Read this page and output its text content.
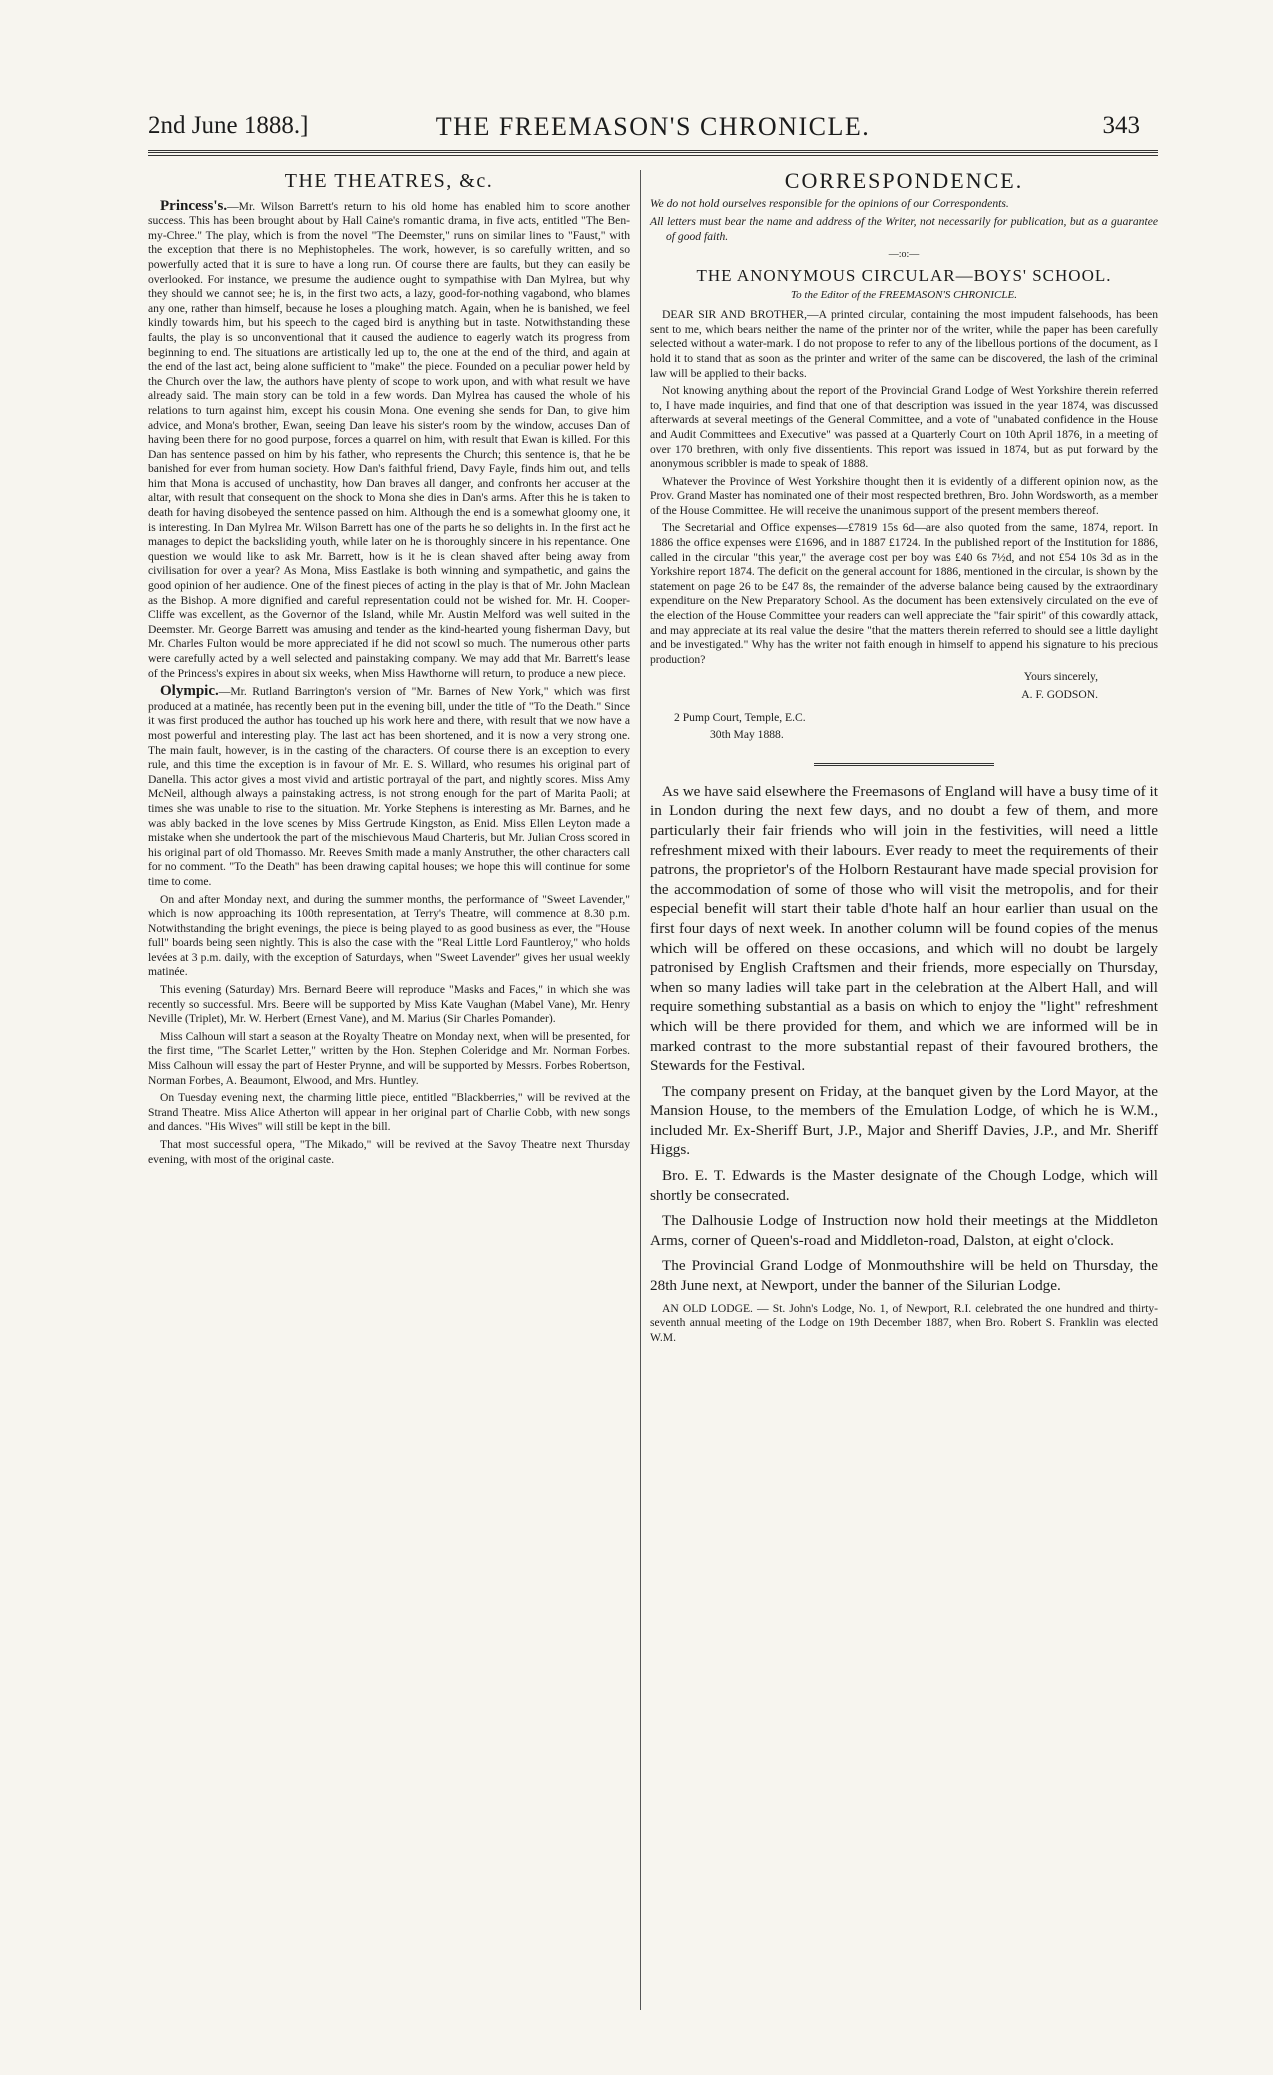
2nd June 1888.]	THE FREEMASON'S CHRONICLE.	343
THE THEATRES, &c.

Princess's.—Mr. Wilson Barrett's return to his old home has enabled him to score another success. This has been brought about by Hall Caine's romantic drama, in five acts, entitled "The Ben-my-Chree." The play, which is from the novel "The Deemster," runs on similar lines to "Faust," with the exception that there is no Mephistopheles. The work, however, is so carefully written, and so powerfully acted that it is sure to have a long run. Of course there are faults, but they can easily be overlooked. For instance, we presume the audience ought to sympathise with Dan Mylrea, but why they should we cannot see; he is, in the first two acts, a lazy, good-for-nothing vagabond, who blames any one, rather than himself, because he loses a ploughing match. Again, when he is banished, we feel kindly towards him, but his speech to the caged bird is anything but in taste. Notwithstanding these faults, the play is so unconventional that it caused the audience to eagerly watch its progress from beginning to end. The situations are artistically led up to, the one at the end of the third, and again at the end of the last act, being alone sufficient to "make" the piece. Founded on a peculiar power held by the Church over the law, the authors have plenty of scope to work upon, and with what result we have already said. The main story can be told in a few words. Dan Mylrea has caused the whole of his relations to turn against him, except his cousin Mona. One evening she sends for Dan, to give him advice, and Mona's brother, Ewan, seeing Dan leave his sister's room by the window, accuses Dan of having been there for no good purpose, forces a quarrel on him, with result that Ewan is killed. For this Dan has sentence passed on him by his father, who represents the Church; this sentence is, that he be banished for ever from human society. How Dan's faithful friend, Davy Fayle, finds him out, and tells him that Mona is accused of unchastity, how Dan braves all danger, and confronts her accuser at the altar, with result that consequent on the shock to Mona she dies in Dan's arms. After this he is taken to death for having disobeyed the sentence passed on him. Although the end is a somewhat gloomy one, it is interesting. In Dan Mylrea Mr. Wilson Barrett has one of the parts he so delights in. In the first act he manages to depict the backsliding youth, while later on he is thoroughly sincere in his repentance. One question we would like to ask Mr. Barrett, how is it he is clean shaved after being away from civilisation for over a year? As Mona, Miss Eastlake is both winning and sympathetic, and gains the good opinion of her audience. One of the finest pieces of acting in the play is that of Mr. John Maclean as the Bishop. A more dignified and careful representation could not be wished for. Mr. H. Cooper-Cliffe was excellent, as the Governor of the Island, while Mr. Austin Melford was well suited in the Deemster. Mr. George Barrett was amusing and tender as the kind-hearted young fisherman Davy, but Mr. Charles Fulton would be more appreciated if he did not scowl so much. The numerous other parts were carefully acted by a well selected and painstaking company. We may add that Mr. Barrett's lease of the Princess's expires in about six weeks, when Miss Hawthorne will return, to produce a new piece.

Olympic.—Mr. Rutland Barrington's version of "Mr. Barnes of New York," which was first produced at a matinée, has recently been put in the evening bill, under the title of "To the Death." Since it was first produced the author has touched up his work here and there, with result that we now have a most powerful and interesting play. The last act has been shortened, and it is now a very strong one. The main fault, however, is in the casting of the characters. Of course there is an exception to every rule, and this time the exception is in favour of Mr. E. S. Willard, who resumes his original part of Danella. This actor gives a most vivid and artistic portrayal of the part, and nightly scores. Miss Amy McNeil, although always a painstaking actress, is not strong enough for the part of Marita Paoli; at times she was unable to rise to the situation. Mr. Yorke Stephens is interesting as Mr. Barnes, and he was ably backed in the love scenes by Miss Gertrude Kingston, as Enid. Miss Ellen Leyton made a mistake when she undertook the part of the mischievous Maud Charteris, but Mr. Julian Cross scored in his original part of old Thomasso. Mr. Reeves Smith made a manly Anstruther, the other characters call for no comment. "To the Death" has been drawing capital houses; we hope this will continue for some time to come.

On and after Monday next, and during the summer months, the performance of "Sweet Lavender," which is now approaching its 100th representation, at Terry's Theatre, will commence at 8.30 p.m. Notwithstanding the bright evenings, the piece is being played to as good business as ever, the "House full" boards being seen nightly. This is also the case with the "Real Little Lord Fauntleroy," who holds levées at 3 p.m. daily, with the exception of Saturdays, when "Sweet Lavender" gives her usual weekly matinée.

This evening (Saturday) Mrs. Bernard Beere will reproduce "Masks and Faces," in which she was recently so successful. Mrs. Beere will be supported by Miss Kate Vaughan (Mabel Vane), Mr. Henry Neville (Triplet), Mr. W. Herbert (Ernest Vane), and M. Marius (Sir Charles Pomander).

Miss Calhoun will start a season at the Royalty Theatre on Monday next, when will be presented, for the first time, "The Scarlet Letter," written by the Hon. Stephen Coleridge and Mr. Norman Forbes. Miss Calhoun will essay the part of Hester Prynne, and will be supported by Messrs. Forbes Robertson, Norman Forbes, A. Beaumont, Elwood, and Mrs. Huntley.

On Tuesday evening next, the charming little piece, entitled "Blackberries," will be revived at the Strand Theatre. Miss Alice Atherton will appear in her original part of Charlie Cobb, with new songs and dances. "His Wives" will still be kept in the bill.

That most successful opera, "The Mikado," will be revived at the Savoy Theatre next Thursday evening, with most of the original caste.

CORRESPONDENCE.

We do not hold ourselves responsible for the opinions of our Correspondents.

All letters must bear the name and address of the Writer, not necessarily for publication, but as a guarantee of good faith.

—:o:—
THE ANONYMOUS CIRCULAR—BOYS' SCHOOL.
To the Editor of the FREEMASON'S CHRONICLE.

DEAR SIR AND BROTHER,—A printed circular, containing the most impudent falsehoods, has been sent to me, which bears neither the name of the printer nor of the writer, while the paper has been carefully selected without a water-mark. I do not propose to refer to any of the libellous portions of the document, as I hold it to stand that as soon as the printer and writer of the same can be discovered, the lash of the criminal law will be applied to their backs.

Not knowing anything about the report of the Provincial Grand Lodge of West Yorkshire therein referred to, I have made inquiries, and find that one of that description was issued in the year 1874, was discussed afterwards at several meetings of the General Committee, and a vote of "unabated confidence in the House and Audit Committees and Executive" was passed at a Quarterly Court on 10th April 1876, in a meeting of over 170 brethren, with only five dissentients. This report was issued in 1874, but as put forward by the anonymous scribbler is made to speak of 1888.

Whatever the Province of West Yorkshire thought then it is evidently of a different opinion now, as the Prov. Grand Master has nominated one of their most respected brethren, Bro. John Wordsworth, as a member of the House Committee. He will receive the unanimous support of the present members thereof.

The Secretarial and Office expenses—£7819 15s 6d—are also quoted from the same, 1874, report. In 1886 the office expenses were £1696, and in 1887 £1724. In the published report of the Institution for 1886, called in the circular "this year," the average cost per boy was £40 6s 7½d, and not £54 10s 3d as in the Yorkshire report 1874. The deficit on the general account for 1886, mentioned in the circular, is shown by the statement on page 26 to be £47 8s, the remainder of the adverse balance being caused by the extraordinary expenditure on the New Preparatory School. As the document has been extensively circulated on the eve of the election of the House Committee your readers can well appreciate the "fair spirit" of this cowardly attack, and may appreciate at its real value the desire "that the matters therein referred to should see a little daylight and be investigated." Why has the writer not faith enough in himself to append his signature to his precious production?

Yours sincerely,

A. F. GODSON.

2 Pump Court, Temple, E.C.

30th May 1888.

As we have said elsewhere the Freemasons of England will have a busy time of it in London during the next few days, and no doubt a few of them, and more particularly their fair friends who will join in the festivities, will need a little refreshment mixed with their labours. Ever ready to meet the requirements of their patrons, the proprietor's of the Holborn Restaurant have made special provision for the accommodation of some of those who will visit the metropolis, and for their especial benefit will start their table d'hote half an hour earlier than usual on the first four days of next week. In another column will be found copies of the menus which will be offered on these occasions, and which will no doubt be largely patronised by English Craftsmen and their friends, more especially on Thursday, when so many ladies will take part in the celebration at the Albert Hall, and will require something substantial as a basis on which to enjoy the "light" refreshment which will be there provided for them, and which we are informed will be in marked contrast to the more substantial repast of their favoured brothers, the Stewards for the Festival.

The company present on Friday, at the banquet given by the Lord Mayor, at the Mansion House, to the members of the Emulation Lodge, of which he is W.M., included Mr. Ex-Sheriff Burt, J.P., Major and Sheriff Davies, J.P., and Mr. Sheriff Higgs.

Bro. E. T. Edwards is the Master designate of the Chough Lodge, which will shortly be consecrated.

The Dalhousie Lodge of Instruction now hold their meetings at the Middleton Arms, corner of Queen's-road and Middleton-road, Dalston, at eight o'clock.

The Provincial Grand Lodge of Monmouthshire will be held on Thursday, the 28th June next, at Newport, under the banner of the Silurian Lodge.

AN OLD LODGE. — St. John's Lodge, No. 1, of Newport, R.I. celebrated the one hundred and thirty-seventh annual meeting of the Lodge on 19th December 1887, when Bro. Robert S. Franklin was elected W.M.
